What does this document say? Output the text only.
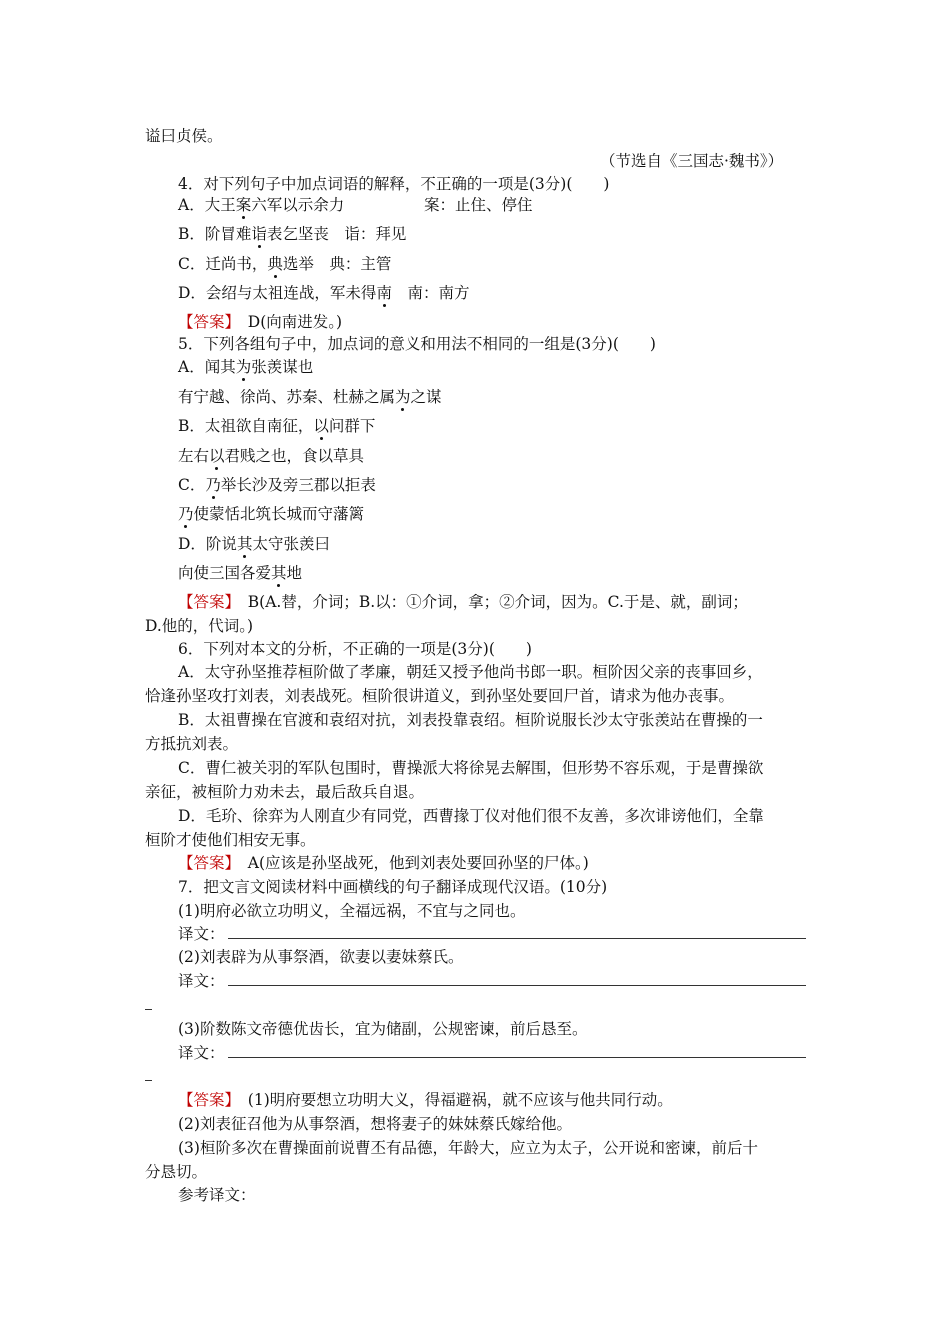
谥曰贞侯。
（节选自《三国志·魏书》）
4．对下列句子中加点词语的解释，不正确的一项是(3分)(　　)
A．大王案六军以示余力	案：止住、停住
B．阶冒难诣表乞坚丧　诣：拜见
C．迁尚书，典选举　典：主管
D．会绍与太祖连战，军未得南　南：南方
【答案】　 D(向南进发。)
5．下列各组句子中，加点词的意义和用法不相同的一组是(3分)(　　)
A．闻其为张羡谋也
有宁越、徐尚、苏秦、杜赫之属为之谋
B．太祖欲自南征，以问群下
左右以君贱之也，食以草具
C．乃举长沙及旁三郡以拒表
乃使蒙恬北筑长城而守藩篱
D．阶说其太守张羡曰
向使三国各爱其地
【答案】　 B(A.替，介词；B.以：①介词，拿；②介词，因为。C.于是、就，副词；
D.他的，代词。)
6．下列对本文的分析，不正确的一项是(3分)(　　)
A．太守孙坚推荐桓阶做了孝廉，朝廷又授予他尚书郎一职。桓阶因父亲的丧事回乡，
恰逢孙坚攻打刘表，刘表战死。桓阶很讲道义，到孙坚处要回尸首，请求为他办丧事。
B．太祖曹操在官渡和袁绍对抗，刘表投靠袁绍。桓阶说服长沙太守张羡站在曹操的一
方抵抗刘表。
C．曹仁被关羽的军队包围时，曹操派大将徐晃去解围，但形势不容乐观，于是曹操欲
亲征，被桓阶力劝未去，最后敌兵自退。
D．毛玠、徐弈为人刚直少有同党，西曹掾丁仪对他们很不友善，多次诽谤他们，全靠
桓阶才使他们相安无事。
【答案】　 A(应该是孙坚战死，他到刘表处要回孙坚的尸体。)
7．把文言文阅读材料中画横线的句子翻译成现代汉语。(10分)
(1)明府必欲立功明义，全福远祸，不宜与之同也。
译文：
(2)刘表辟为从事祭酒，欲妻以妻妹蔡氏。
译文：
(3)阶数陈文帝德优齿长，宜为储副，公规密谏，前后恳至。
译文：
【答案】　 (1)明府要想立功明大义，得福避祸，就不应该与他共同行动。
(2)刘表征召他为从事祭酒，想将妻子的妹妹蔡氏嫁给他。
(3)桓阶多次在曹操面前说曹丕有品德，年龄大，应立为太子，公开说和密谏，前后十
分恳切。
参考译文：
